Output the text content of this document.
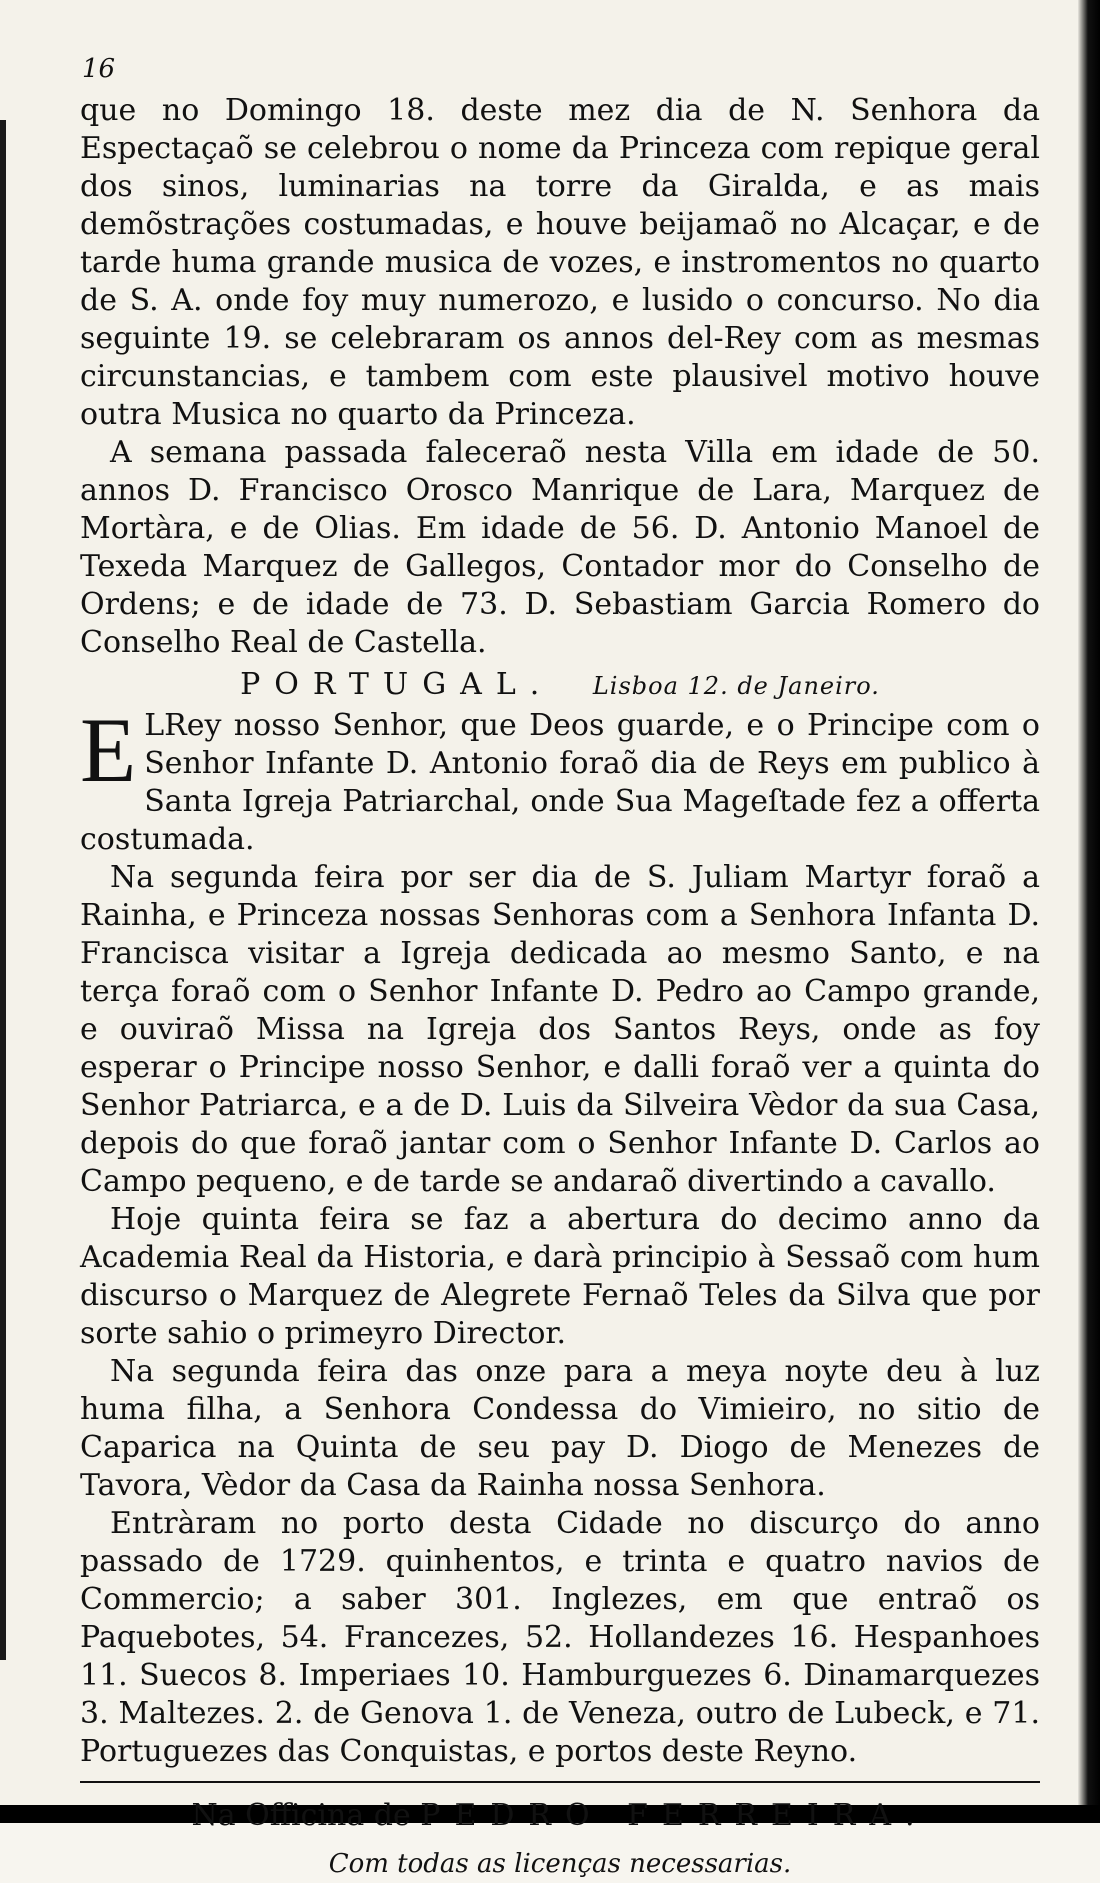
16

que no Domingo 18. deste mez dia de N. Senhora da Espectaçaõ se celebrou o nome da Princeza com repique geral dos sinos, luminarias na torre da Giralda, e as mais demõstrações costumadas, e houve beijamaõ no Alcaçar, e de tarde huma grande musica de vozes, e instromentos no quarto de S. A. onde foy muy numerozo, e lusido o concurso. No dia seguinte 19. se celebraram os annos del-Rey com as mesmas circunstancias, e tambem com este plausivel motivo houve outra Musica no quarto da Princeza.

A semana passada faleceraõ nesta Villa em idade de 50. annos D. Francisco Orosco Manrique de Lara, Marquez de Mortàra, e de Olias. Em idade de 56. D. Antonio Manoel de Texeda Marquez de Gallegos, Contador mor do Conselho de Ordens; e de idade de 73. D. Sebastiam Garcia Romero do Conselho Real de Castella.

PORTUGAL. Lisboa 12. de Janeiro.

E LRey nosso Senhor, que Deos guarde, e o Principe com o Senhor Infante D. Antonio foraõ dia de Reys em publico à Santa Igreja Patriarchal, onde Sua Mageſtade fez a offerta costumada.

Na segunda feira por ser dia de S. Juliam Martyr foraõ a Rainha, e Princeza nossas Senhoras com a Senhora Infanta D. Francisca visitar a Igreja dedicada ao mesmo Santo, e na terça foraõ com o Senhor Infante D. Pedro ao Campo grande, e ouviraõ Missa na Igreja dos Santos Reys, onde as foy esperar o Principe nosso Senhor, e dalli foraõ ver a quinta do Senhor Patriarca, e a de D. Luis da Silveira Vèdor da sua Casa, depois do que foraõ jantar com o Senhor Infante D. Carlos ao Campo pequeno, e de tarde se andaraõ divertindo a cavallo.

Hoje quinta feira se faz a abertura do decimo anno da Academia Real da Historia, e darà principio à Sessaõ com hum discurso o Marquez de Alegrete Fernaõ Teles da Silva que por sorte sahio o primeyro Director.

Na segunda feira das onze para a meya noyte deu à luz huma filha, a Senhora Condessa do Vimieiro, no sitio de Caparica na Quinta de seu pay D. Diogo de Menezes de Tavora, Vèdor da Casa da Rainha nossa Senhora.

Entràram no porto desta Cidade no discurço do anno passado de 1729. quinhentos, e trinta e quatro navios de Commercio; a saber 301. Inglezes, em que entraõ os Paquebotes, 54. Francezes, 52. Hollandezes 16. Hespanhoes 11. Suecos 8. Imperiaes 10. Hamburguezes 6. Dinamarquezes 3. Maltezes. 2. de Genova 1. de Veneza, outro de Lubeck, e 71. Portuguezes das Conquistas, e portos deste Reyno.

Na Officina de PEDRO FERREIRA.
Com todas as licenças necessarias.
